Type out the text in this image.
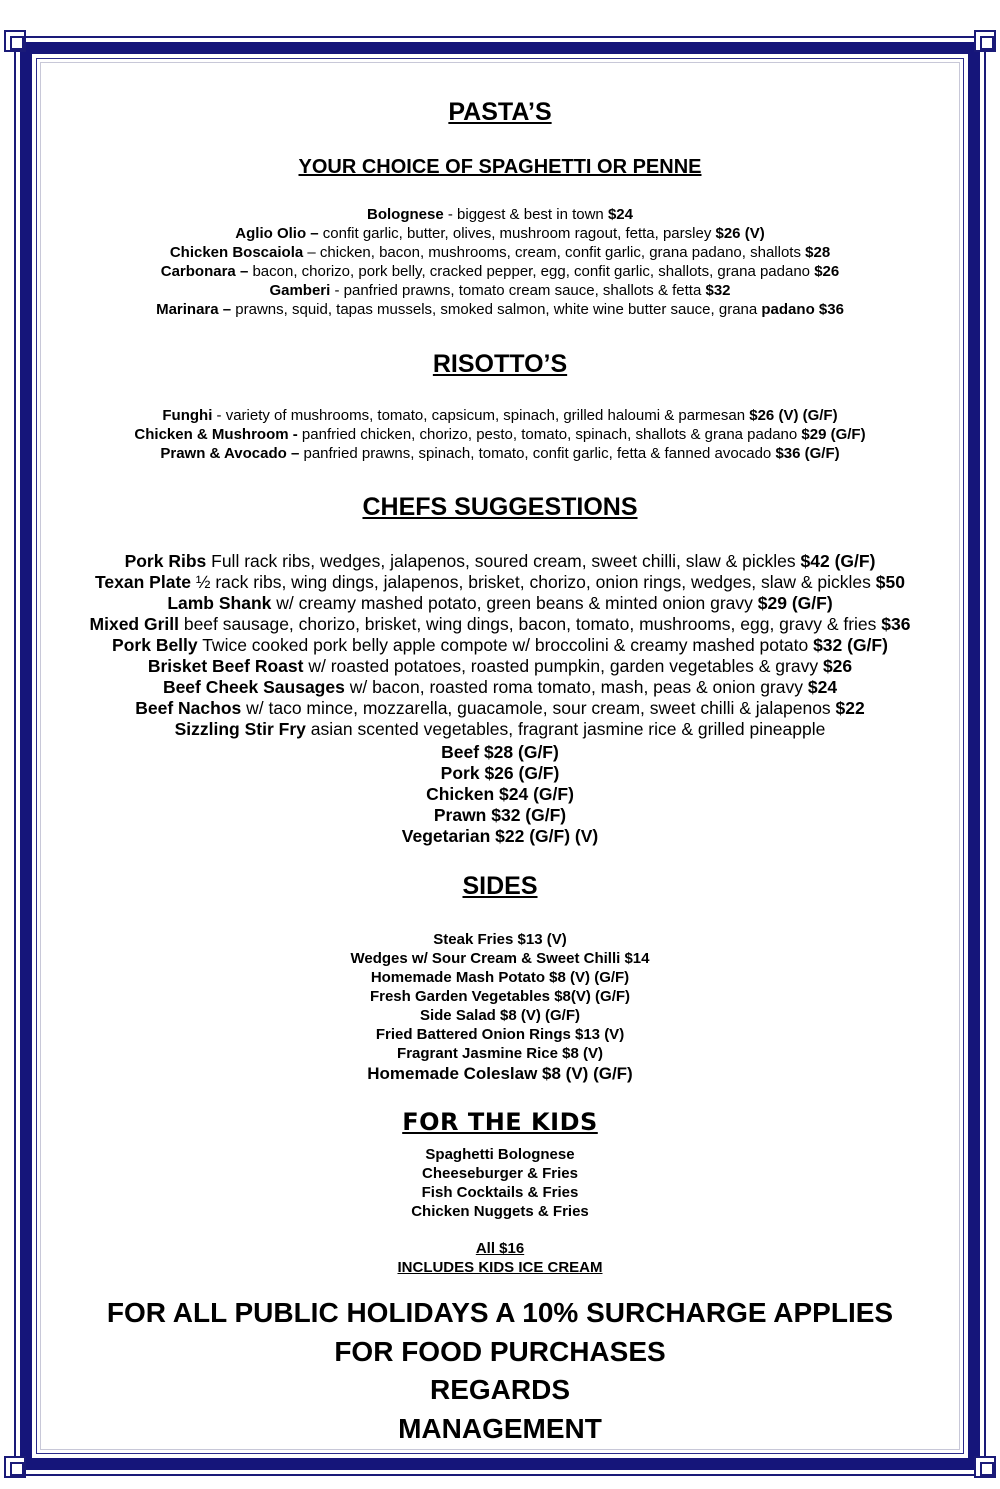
PASTA’S
YOUR CHOICE OF SPAGHETTI OR PENNE
Bolognese - biggest & best in town $24
Aglio Olio – confit garlic, butter, olives, mushroom ragout, fetta, parsley $26 (V)
Chicken Boscaiola – chicken, bacon, mushrooms, cream, confit garlic, grana padano, shallots $28
Carbonara – bacon, chorizo, pork belly, cracked pepper, egg, confit garlic, shallots, grana padano $26
Gamberi - panfried prawns, tomato cream sauce, shallots & fetta $32
Marinara – prawns, squid, tapas mussels, smoked salmon, white wine butter sauce, grana padano $36
RISOTTO’S
Funghi - variety of mushrooms, tomato, capsicum, spinach, grilled haloumi & parmesan $26 (V) (G/F)
Chicken & Mushroom - panfried chicken, chorizo, pesto, tomato, spinach, shallots & grana padano $29 (G/F)
Prawn & Avocado – panfried prawns, spinach, tomato, confit garlic, fetta & fanned avocado $36 (G/F)
CHEFS SUGGESTIONS
Pork Ribs Full rack ribs, wedges, jalapenos, soured cream, sweet chilli, slaw & pickles $42 (G/F)
Texan Plate ½ rack ribs, wing dings, jalapenos, brisket, chorizo, onion rings, wedges, slaw & pickles $50
Lamb Shank w/ creamy mashed potato, green beans & minted onion gravy $29 (G/F)
Mixed Grill beef sausage, chorizo, brisket, wing dings, bacon, tomato, mushrooms, egg, gravy & fries $36
Pork Belly Twice cooked pork belly apple compote w/ broccolini & creamy mashed potato $32 (G/F)
Brisket Beef Roast w/ roasted potatoes, roasted pumpkin, garden vegetables & gravy $26
Beef Cheek Sausages w/ bacon, roasted roma tomato, mash, peas & onion gravy $24
Beef Nachos w/ taco mince, mozzarella, guacamole, sour cream, sweet chilli & jalapenos $22
Sizzling Stir Fry asian scented vegetables, fragrant jasmine rice & grilled pineapple
Beef $28 (G/F)
Pork $26 (G/F)
Chicken $24 (G/F)
Prawn $32 (G/F)
Vegetarian $22 (G/F) (V)
SIDES
Steak Fries $13 (V)
Wedges w/ Sour Cream & Sweet Chilli $14
Homemade Mash Potato $8 (V) (G/F)
Fresh Garden Vegetables $8(V) (G/F)
Side Salad $8 (V) (G/F)
Fried Battered Onion Rings $13 (V)
Fragrant Jasmine Rice $8 (V)
Homemade Coleslaw $8 (V) (G/F)
FOR THE KIDS
Spaghetti Bolognese
Cheeseburger & Fries
Fish Cocktails & Fries
Chicken Nuggets & Fries
All $16
INCLUDES KIDS ICE CREAM
FOR ALL PUBLIC HOLIDAYS A 10% SURCHARGE APPLIES
FOR FOOD PURCHASES
REGARDS
MANAGEMENT
